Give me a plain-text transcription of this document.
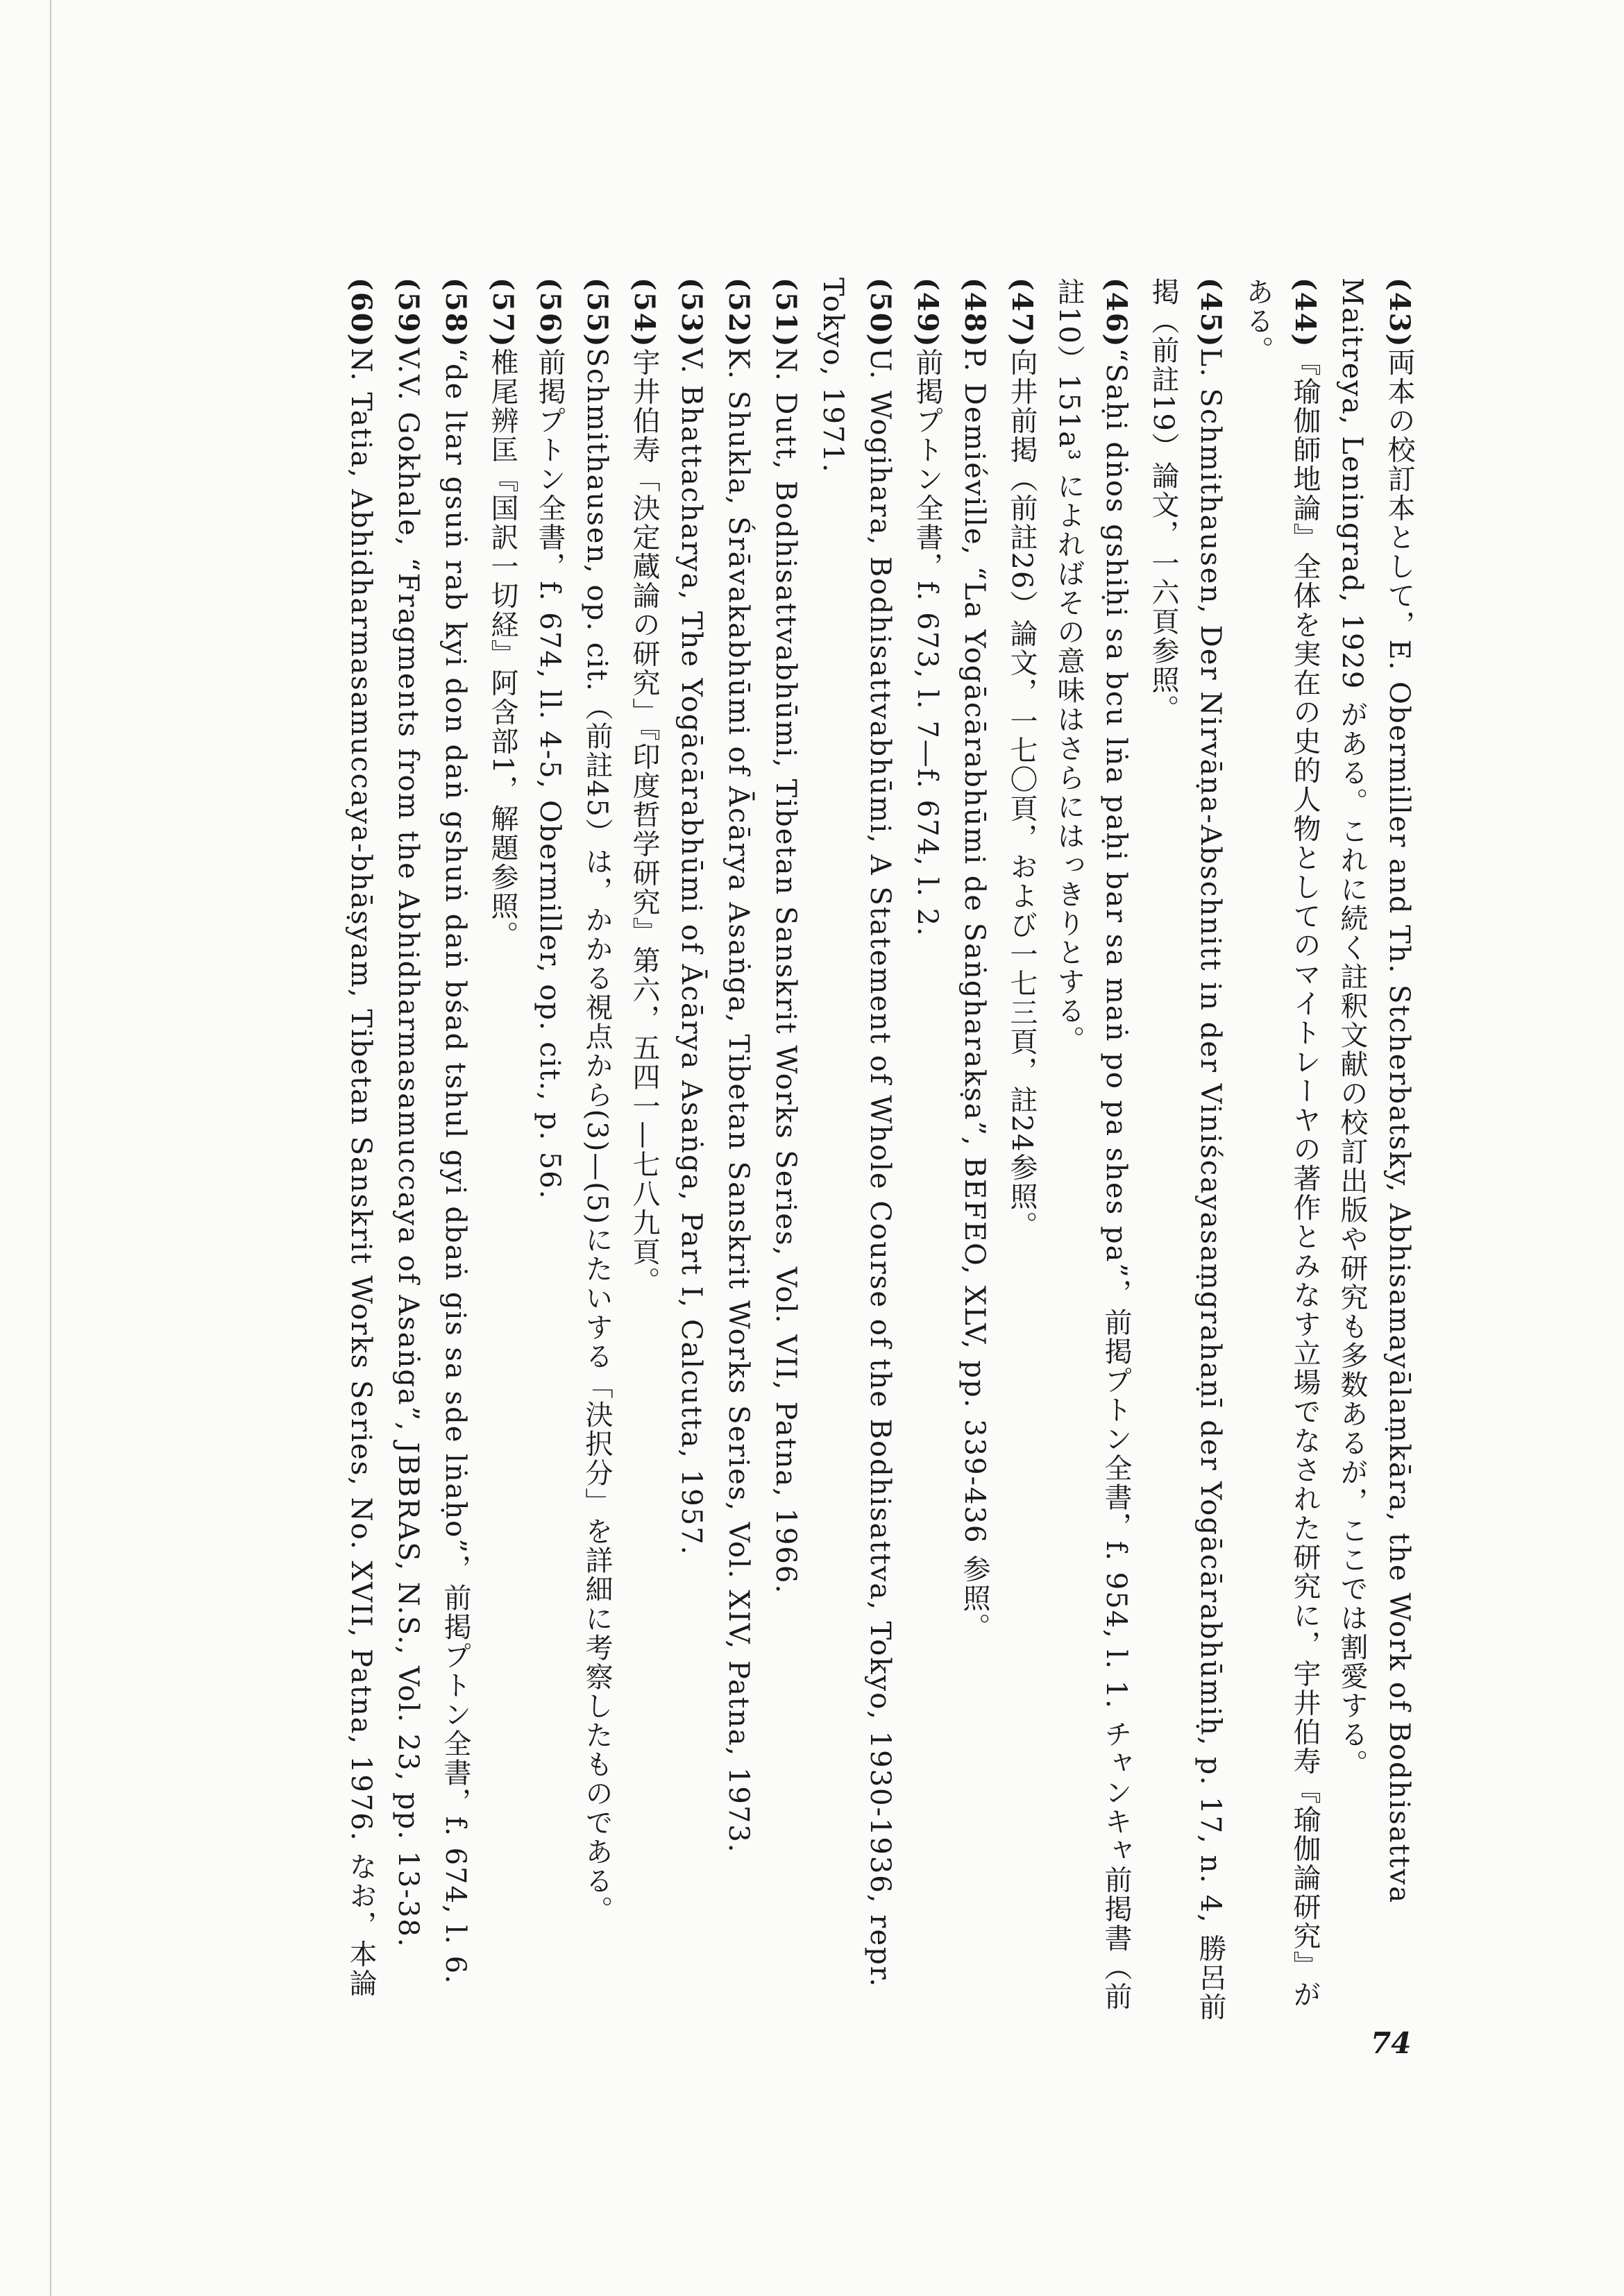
(43)両本の校訂本として，E. Obermiller and Th. Stcherbatsky, Abhisamayālaṃkāra, the Work of Bodhisattva Maitreya, Leningrad, 1929 がある。これに続く註釈文献の校訂出版や研究も多数あるが，ここでは割愛する。

(44)『瑜伽師地論』全体を実在の史的人物としてのマイトレーヤの著作とみなす立場でなされた研究に，宇井伯寿『瑜伽論研究』がある。

(45)L. Schmithausen, Der Nirvāṇa-Abschnitt in der Viniścayasaṃgrahaṇī der Yogācārabhūmiḥ, p. 17, n. 4, 勝呂前掲（前註19）論文，一六頁参照。

(46)“Saḥi dṅos gshiḥi sa bcu lṅa paḥi bar sa maṅ po pa shes pa”，前掲プトン全書，f. 954, l. 1. チャンキャ前掲書（前註10）151a³ によればその意味はさらにはっきりとする。

(47)向井前掲（前註26）論文，一七〇頁，および一七三頁，註24参照。

(48)P. Demiéville, “La Yogācārabhūmi de Saṅgharakṣa”, BEFEO, XLV, pp. 339-436 参照。

(49)前掲プトン全書，f. 673, l. 7—f. 674, l. 2.

(50)U. Wogihara, Bodhisattvabhūmi, A Statement of Whole Course of the Bodhisattva, Tokyo, 1930-1936, repr. Tokyo, 1971.

(51)N. Dutt, Bodhisattvabhūmi, Tibetan Sanskrit Works Series, Vol. VII, Patna, 1966.

(52)K. Shukla, Śrāvakabhūmi of Ācārya Asaṅga, Tibetan Sanskrit Works Series, Vol. XIV, Patna, 1973.

(53)V. Bhattacharya, The Yogācārabhūmi of Ācārya Asaṅga, Part I, Calcutta, 1957.

(54)宇井伯寿「決定蔵論の研究」『印度哲学研究』第六，五四一—七八九頁。

(55)Schmithausen, op. cit.（前註45）は，かかる視点から(3)—(5)にたいする「決択分」を詳細に考察したものである。

(56)前掲プトン全書，f. 674, ll. 4-5, Obermiller, op. cit., p. 56.

(57)椎尾辨匡『国訳一切経』阿含部1，解題参照。

(58)“de ltar gsuṅ rab kyi don daṅ gshuṅ daṅ bśad tshul gyi dbaṅ gis sa sde lṅaḥo”，前掲プトン全書，f. 674, l. 6.

(59)V.V. Gokhale, “Fragments from the Abhidharmasamuccaya of Asaṅga”, JBBRAS, N.S., Vol. 23, pp. 13-38.

(60)N. Tatia, Abhidharmasamuccaya-bhāṣyam, Tibetan Sanskrit Works Series, No. XVII, Patna, 1976. なお，本論

74
